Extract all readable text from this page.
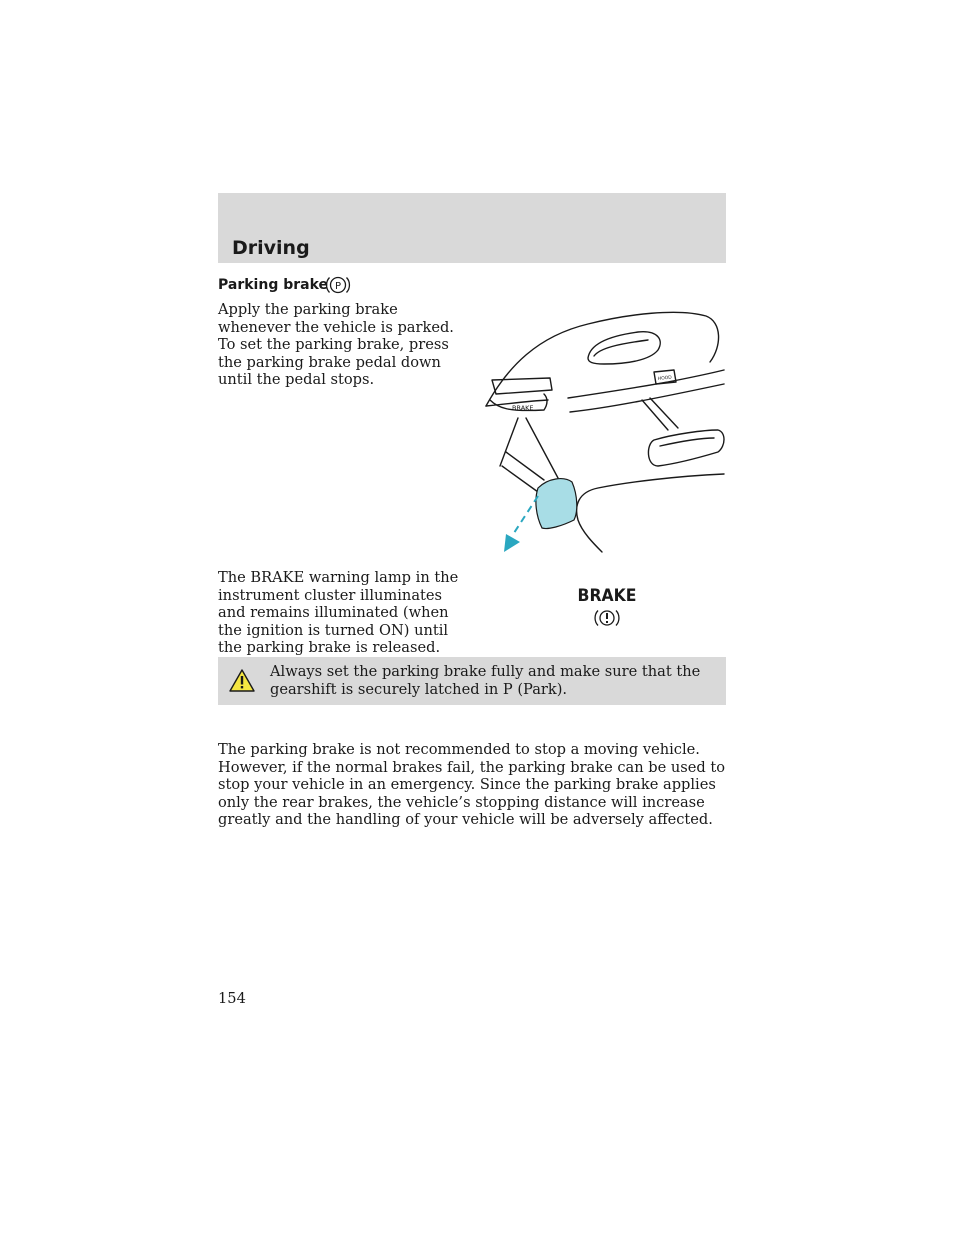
Driving
Parking brake P

Apply the parking brake whenever the vehicle is parked. To set the parking brake, press the parking brake pedal down until the pedal stops.

BRAKE
HOOD

The BRAKE warning lamp in the instrument cluster illuminates and remains illuminated (when the ignition is turned ON) until the parking brake is released.

BRAKE

Always set the parking brake fully and make sure that the gearshift is securely latched in P (Park).

The parking brake is not recommended to stop a moving vehicle. However, if the normal brakes fail, the parking brake can be used to stop your vehicle in an emergency. Since the parking brake applies only the rear brakes, the vehicle’s stopping distance will increase greatly and the handling of your vehicle will be adversely affected.

154
